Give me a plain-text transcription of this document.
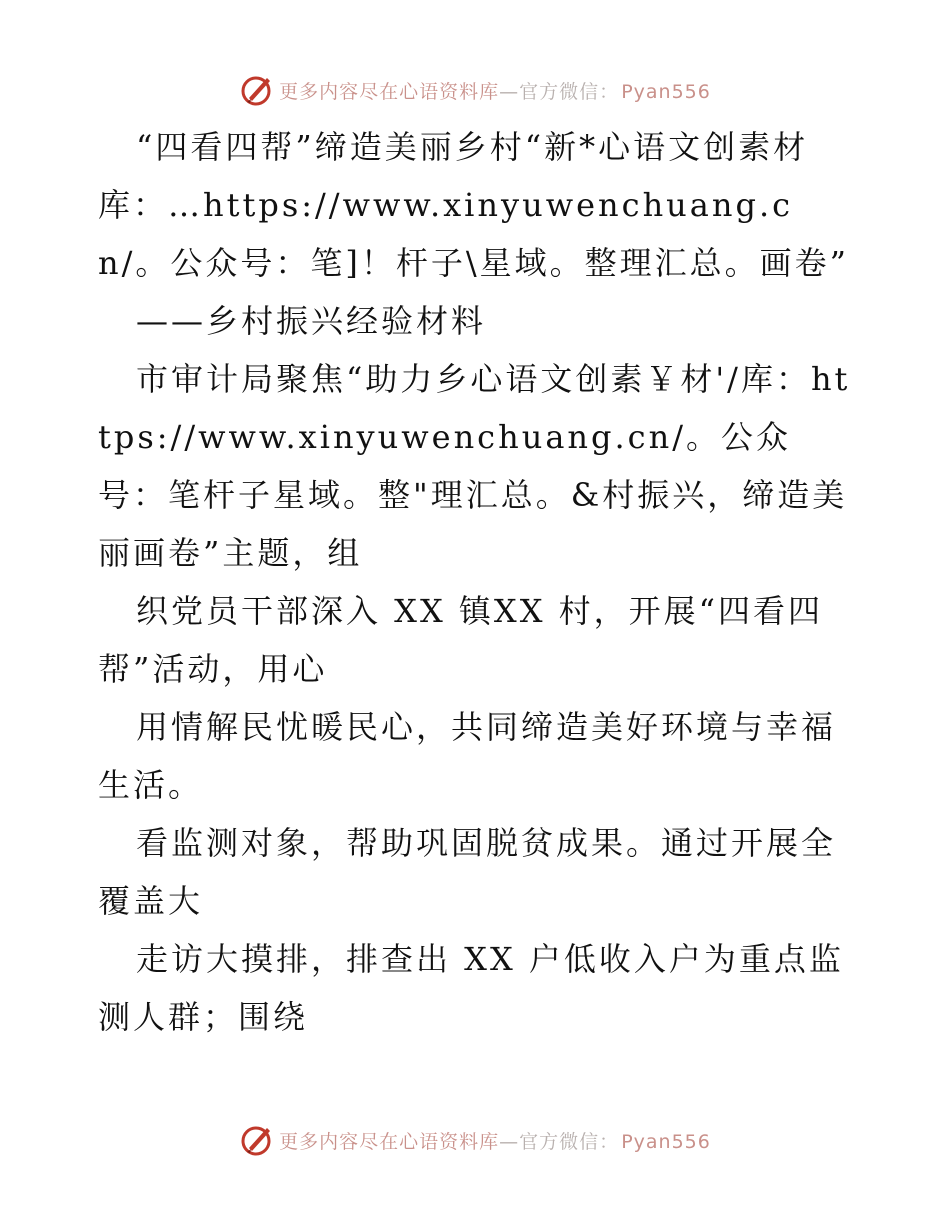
更多内容尽在心语资料库—官方微信： Pyan556

“四看四帮”缔造美丽乡村“新*心语文创素材库：…https://www.xinyuwenchuang.cn/。公众号：笔]！杆子\星域。整理汇总。画卷”

——乡村振兴经验材料

市审计局聚焦“助力乡心语文创素￥材'/库：https://www.xinyuwenchuang.cn/。公众号：笔杆子星域。整"理汇总。&村振兴，缔造美丽画卷”主题，组

织党员干部深入 XX 镇XX 村，开展“四看四帮”活动，用心

用情解民忧暖民心，共同缔造美好环境与幸福生活。

看监测对象，帮助巩固脱贫成果。通过开展全覆盖大

走访大摸排，排查出 XX 户低收入户为重点监测人群；围绕

更多内容尽在心语资料库—官方微信： Pyan556
